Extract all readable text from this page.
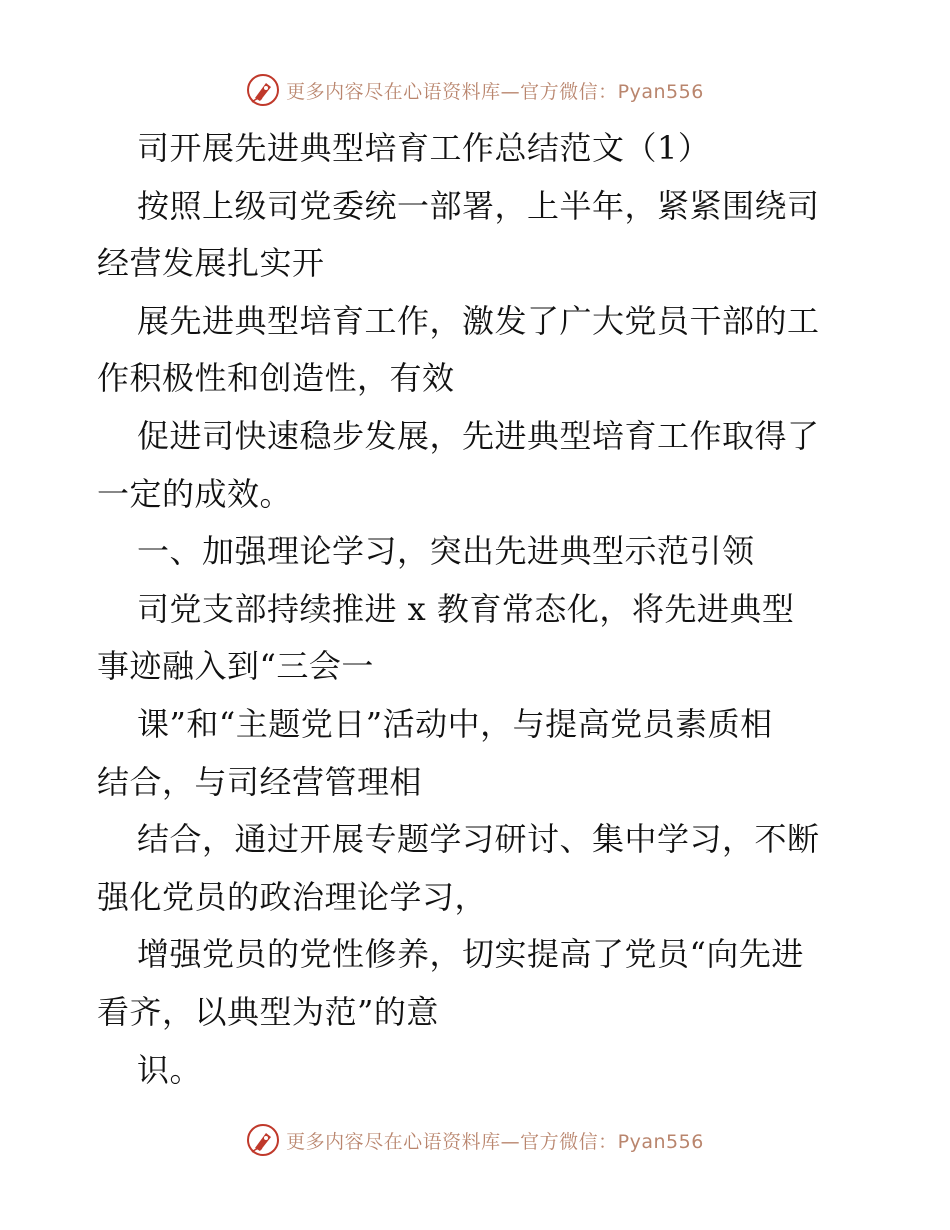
更多内容尽在心语资料库—官方微信：Pyan556
司开展先进典型培育工作总结范文（1）
按照上级司党委统一部署，上半年，紧紧围绕司
经营发展扎实开
展先进典型培育工作，激发了广大党员干部的工
作积极性和创造性，有效
促进司快速稳步发展，先进典型培育工作取得了
一定的成效。
一、加强理论学习，突出先进典型示范引领
司党支部持续推进 x 教育常态化，将先进典型
事迹融入到“三会一
课”和“主题党日”活动中，与提高党员素质相
结合，与司经营管理相
结合，通过开展专题学习研讨、集中学习，不断
强化党员的政治理论学习，
增强党员的党性修养，切实提高了党员“向先进
看齐，以典型为范”的意
识。
更多内容尽在心语资料库—官方微信：Pyan556
